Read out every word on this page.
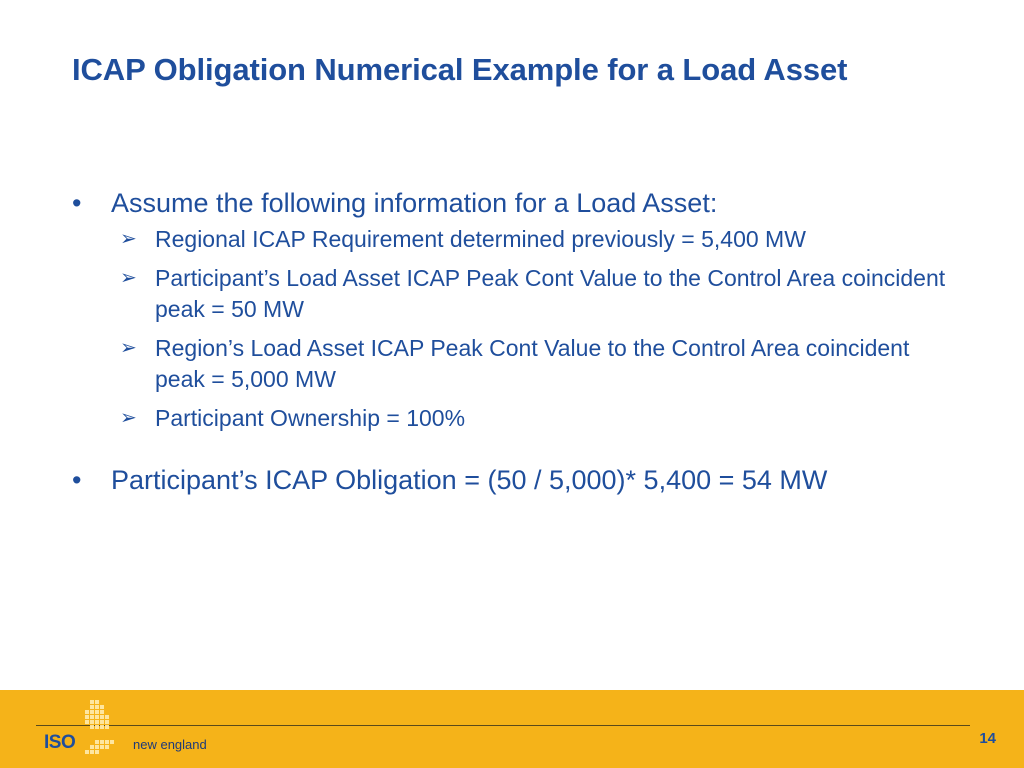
ICAP Obligation Numerical Example for a Load Asset
• Assume the following information for a Load Asset:
➢ Regional ICAP Requirement determined previously = 5,400 MW
➢ Participant’s Load Asset ICAP Peak Cont Value to the Control Area coincident peak = 50 MW
➢ Region’s Load Asset ICAP Peak Cont Value to the Control Area coincident peak = 5,000 MW
➢ Participant Ownership = 100%
• Participant’s ICAP Obligation = (50 / 5,000)* 5,400 = 54 MW
ISO	new england	14
